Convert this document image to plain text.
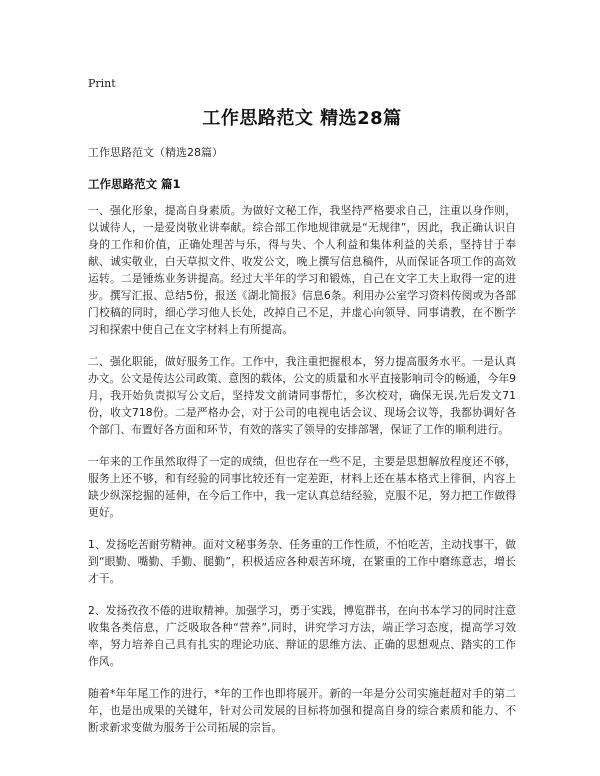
Print
工作思路范文 精选28篇

工作思路范文（精选28篇）

工作思路范文 篇1

一、强化形象，提高自身素质。为做好文秘工作，我坚持严格要求自己，注重以身作则，以诚待人，一是爱岗敬业讲奉献。综合部工作地规律就是“无规律”，因此，我正确认识自身的工作和价值，正确处理苦与乐，得与失、个人利益和集体利益的关系，坚持甘于奉献、诚实敬业，白天草拟文件、收发公文，晚上撰写信息稿件，从而保证各项工作的高效运转。二是锤炼业务讲提高。经过大半年的学习和锻炼，自己在文字工夫上取得一定的进步。撰写汇报、总结5份，报送《湖北简报》信息6条。利用办公室学习资料传阅或为各部门校稿的同时，细心学习他人长处，改掉自己不足，并虚心向领导、同事请教，在不断学习和探索中使自己在文字材料上有所提高。

二、强化职能，做好服务工作。工作中，我注重把握根本，努力提高服务水平。一是认真办文。公文是传达公司政策、意图的载体，公文的质量和水平直接影响司令的畅通，今年9月，我开始负责拟写公文后，坚持发文前请同事帮忙，多次校对，确保无误,先后发文71份，收文718份。二是严格办会，对于公司的电视电话会议、现场会议等，我都协调好各个部门、布置好各方面和环节，有效的落实了领导的安排部署，保证了工作的顺利进行。

一年来的工作虽然取得了一定的成绩，但也存在一些不足，主要是思想解放程度还不够，服务上还不够，和有经验的同事比较还有一定差距，材料上还在基本格式上徘徊，内容上缺少纵深挖掘的延伸，在今后工作中，我一定认真总结经验，克服不足，努力把工作做得更好。

1、发扬吃苦耐劳精神。面对文秘事务杂、任务重的工作性质，不怕吃苦，主动找事干，做到“眼勤、嘴勤、手勤、腿勤”，积极适应各种艰苦环境，在繁重的工作中磨练意志，增长才干。

2、发扬孜孜不倦的进取精神。加强学习，勇于实践，博览群书，在向书本学习的同时注意收集各类信息，广泛吸取各种“营养”,同时，讲究学习方法，端正学习态度，提高学习效率，努力培养自己具有扎实的理论功底、辩证的思维方法、正确的思想观点、踏实的工作作风。

随着*年年尾工作的进行，*年的工作也即将展开。新的一年是分公司实施赶超对手的第二年，也是出成果的关键年，针对公司发展的目标将加强和提高自身的综合素质和能力、不断求新求变做为服务于公司拓展的宗旨。
